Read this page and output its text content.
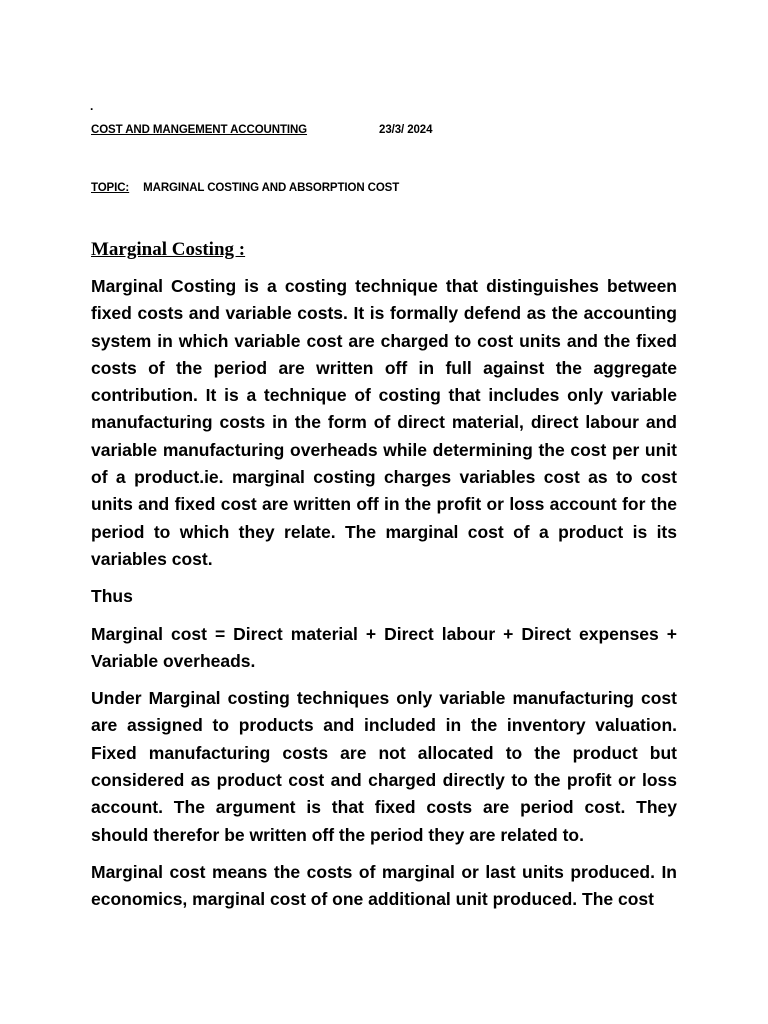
.
COST AND MANGEMENT ACCOUNTING	23/3/ 2024
TOPIC: MARGINAL COSTING AND ABSORPTION COST
Marginal Costing :

Marginal Costing is a costing technique that distinguishes between fixed costs and variable costs. It is formally defend as the accounting system in which variable cost are charged to cost units and the fixed costs of the period are written off in full against the aggregate contribution. It is a technique of costing that includes only variable manufacturing costs in the form of direct material, direct labour and variable manufacturing overheads while determining the cost per unit of a product.ie. marginal costing charges variables cost as to cost units and fixed cost are written off in the profit or loss account for the period to which they relate. The marginal cost of a product is its variables cost.

Thus

Marginal cost = Direct material + Direct labour + Direct expenses + Variable overheads.

Under Marginal costing techniques only variable manufacturing cost are assigned to products and included in the inventory valuation. Fixed manufacturing costs are not allocated to the product but considered as product cost and charged directly to the profit or loss account. The argument is that fixed costs are period cost. They should therefor be written off the period they are related to.

Marginal cost means the costs of marginal or last units produced. In economics, marginal cost of one additional unit produced. The cost
